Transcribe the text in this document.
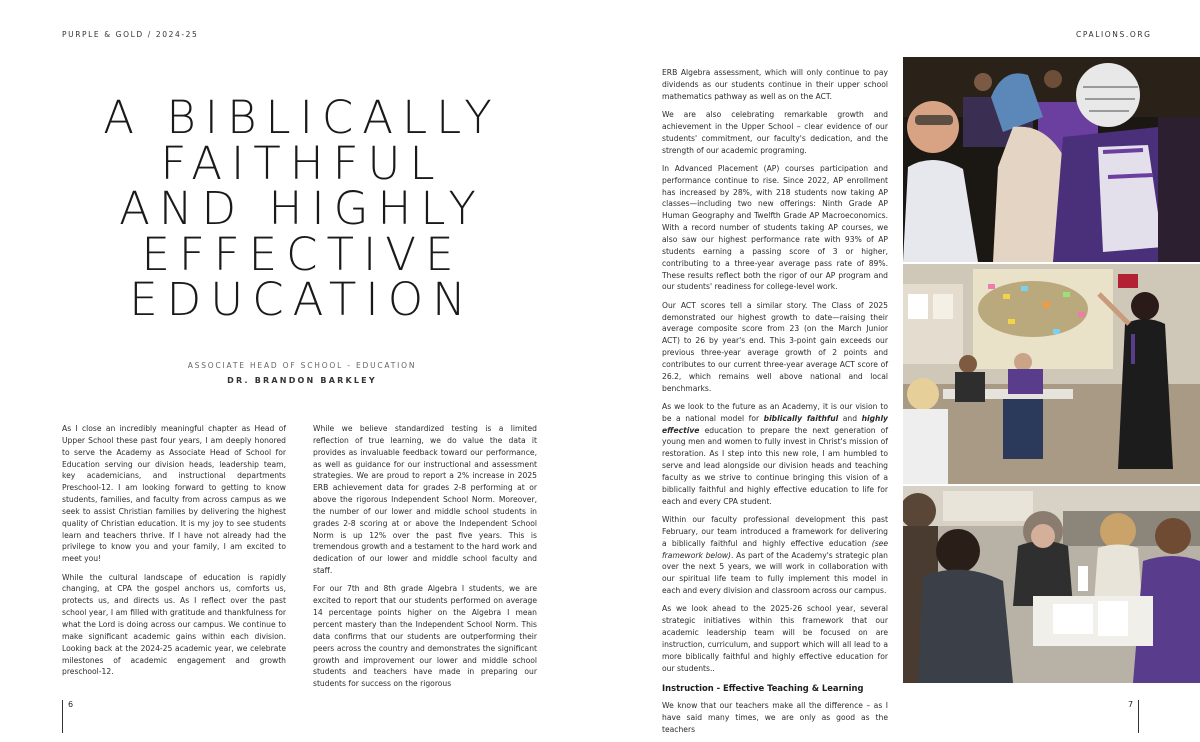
PURPLE & GOLD / 2024-25	CPALIONS.ORG
A BIBLICALLY
FAITHFUL
AND HIGHLY
EFFECTIVE
EDUCATION
ASSOCIATE HEAD OF SCHOOL - EDUCATION
DR. BRANDON BARKLEY

As I close an incredibly meaningful chapter as Head of Upper School these past four years, I am deeply honored to serve the Academy as Associate Head of School for Education serving our division heads, leadership team, key academicians, and instructional departments Preschool-12. I am looking forward to getting to know students, families, and faculty from across campus as we seek to assist Christian families by delivering the highest quality of Christian education. It is my joy to see students learn and teachers thrive. If I have not already had the privilege to know you and your family, I am excited to meet you!

While the cultural landscape of education is rapidly changing, at CPA the gospel anchors us, comforts us, protects us, and directs us. As I reflect over the past school year, I am filled with gratitude and thankfulness for what the Lord is doing across our campus. We continue to make significant academic gains within each division. Looking back at the 2024-25 academic year, we celebrate milestones of academic engagement and growth preschool-12.

While we believe standardized testing is a limited reflection of true learning, we do value the data it provides as invaluable feedback toward our performance, as well as guidance for our instructional and assessment strategies. We are proud to report a 2% increase in 2025 ERB achievement data for grades 2-8 performing at or above the rigorous Independent School Norm. Moreover, the number of our lower and middle school students in grades 2-8 scoring at or above the Independent School Norm is up 12% over the past five years. This is tremendous growth and a testament to the hard work and dedication of our lower and middle school faculty and staff.

For our 7th and 8th grade Algebra I students, we are excited to report that our students performed on average 14 percentage points higher on the Algebra I mean percent mastery than the Independent School Norm. This data confirms that our students are outperforming their peers across the country and demonstrates the significant growth and improvement our lower and middle school students and teachers have made in preparing our students for success on the rigorous

ERB Algebra assessment, which will only continue to pay dividends as our students continue in their upper school mathematics pathway as well as on the ACT.

We are also celebrating remarkable growth and achievement in the Upper School – clear evidence of our students' commitment, our faculty's dedication, and the strength of our academic programing.

In Advanced Placement (AP) courses participation and performance continue to rise. Since 2022, AP enrollment has increased by 28%, with 218 students now taking AP classes—including two new offerings: Ninth Grade AP Human Geography and Twelfth Grade AP Macroeconomics. With a record number of students taking AP courses, we also saw our highest performance rate with 93% of AP students earning a passing score of 3 or higher, contributing to a three-year average pass rate of 89%. These results reflect both the rigor of our AP program and our students' readiness for college-level work.

Our ACT scores tell a similar story. The Class of 2025 demonstrated our highest growth to date—raising their average composite score from 23 (on the March Junior ACT) to 26 by year's end. This 3-point gain exceeds our previous three-year average growth of 2 points and contributes to our current three-year average ACT score of 26.2, which remains well above national and local benchmarks.

As we look to the future as an Academy, it is our vision to be a national model for biblically faithful and highly effective education to prepare the next generation of young men and women to fully invest in Christ's mission of restoration. As I step into this new role, I am humbled to serve and lead alongside our division heads and teaching faculty as we strive to continue bringing this vision of a biblically faithful and highly effective education to life for each and every CPA student.

Within our faculty professional development this past February, our team introduced a framework for delivering a biblically faithful and highly effective education (see framework below). As part of the Academy's strategic plan over the next 5 years, we will work in collaboration with our spiritual life team to fully implement this model in each and every division and classroom across our campus.

As we look ahead to the 2025-26 school year, several strategic initiatives within this framework that our academic leadership team will be focused on are instruction, curriculum, and support which will all lead to a more biblically faithful and highly effective education for our students..

Instruction - Effective Teaching & Learning

We know that our teachers make all the difference – as I have said many times, we are only as good as the teachers

6	7
